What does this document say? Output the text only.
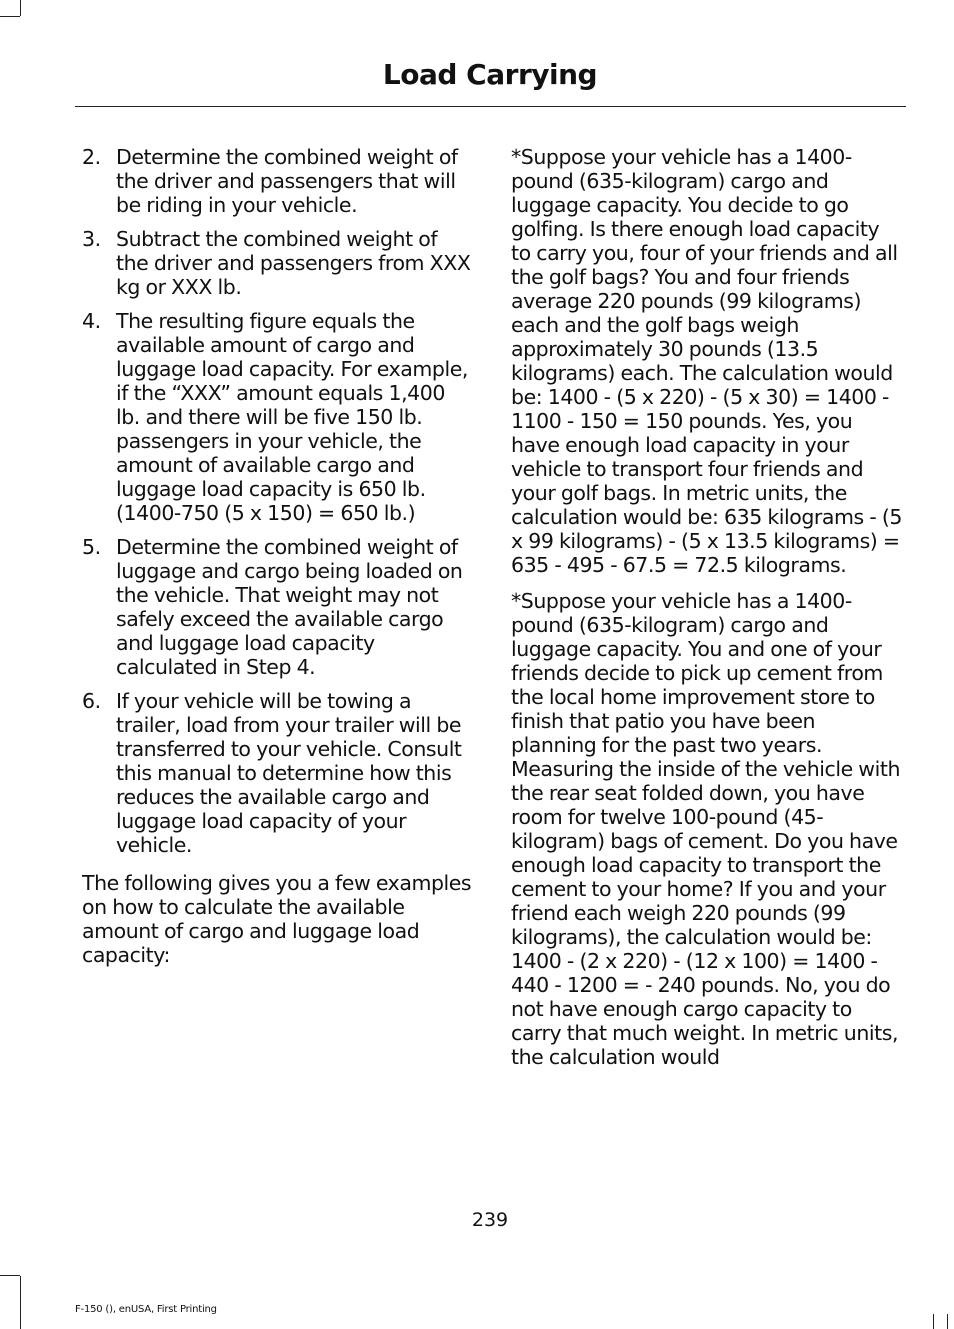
Load Carrying
2. Determine the combined weight of the driver and passengers that will be riding in your vehicle.
3. Subtract the combined weight of the driver and passengers from XXX kg or XXX lb.
4. The resulting figure equals the available amount of cargo and luggage load capacity. For example, if the “XXX” amount equals 1,400 lb. and there will be five 150 lb. passengers in your vehicle, the amount of available cargo and luggage load capacity is 650 lb. (1400-750 (5 x 150) = 650 lb.)
5. Determine the combined weight of luggage and cargo being loaded on the vehicle. That weight may not safely exceed the available cargo and luggage load capacity calculated in Step 4.
6. If your vehicle will be towing a trailer, load from your trailer will be transferred to your vehicle. Consult this manual to determine how this reduces the available cargo and luggage load capacity of your vehicle.

The following gives you a few examples on how to calculate the available amount of cargo and luggage load capacity:

*Suppose your vehicle has a 1400-pound (635-kilogram) cargo and luggage capacity. You decide to go golfing. Is there enough load capacity to carry you, four of your friends and all the golf bags? You and four friends average 220 pounds (99 kilograms) each and the golf bags weigh approximately 30 pounds (13.5 kilograms) each. The calculation would be: 1400 - (5 x 220) - (5 x 30) = 1400 - 1100 - 150 = 150 pounds. Yes, you have enough load capacity in your vehicle to transport four friends and your golf bags. In metric units, the calculation would be: 635 kilograms - (5 x 99 kilograms) - (5 x 13.5 kilograms) = 635 - 495 - 67.5 = 72.5 kilograms.

*Suppose your vehicle has a 1400-pound (635-kilogram) cargo and luggage capacity. You and one of your friends decide to pick up cement from the local home improvement store to finish that patio you have been planning for the past two years. Measuring the inside of the vehicle with the rear seat folded down, you have room for twelve 100-pound (45-kilogram) bags of cement. Do you have enough load capacity to transport the cement to your home? If you and your friend each weigh 220 pounds (99 kilograms), the calculation would be: 1400 - (2 x 220) - (12 x 100) = 1400 - 440 - 1200 = - 240 pounds. No, you do not have enough cargo capacity to carry that much weight. In metric units, the calculation would

239
F-150 (), enUSA, First Printing
